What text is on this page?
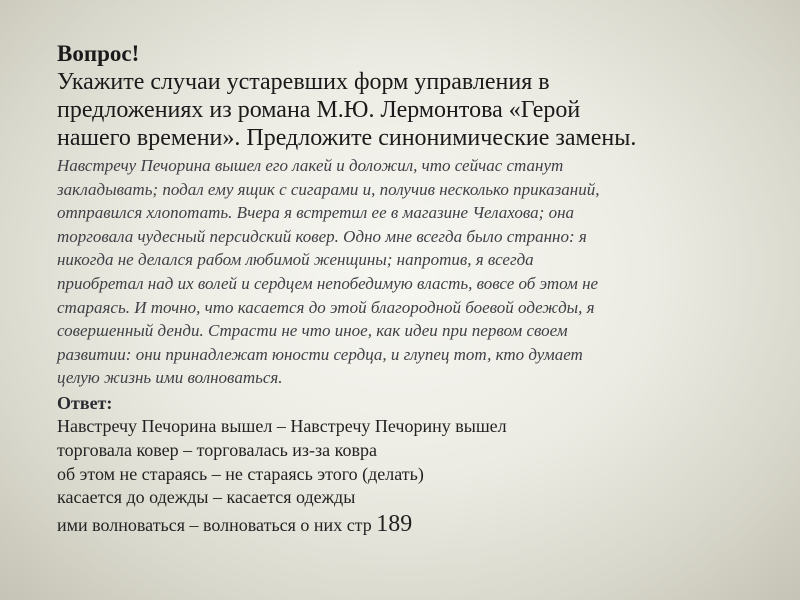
Вопрос!
Укажите случаи устаревших форм управления в
предложениях из романа М.Ю. Лермонтова «Герой
нашего времени». Предложите синонимические замены.
Навстречу Печорина вышел его лакей и доложил, что сейчас станут
закладывать; подал ему ящик с сигарами и, получив несколько приказаний,
отправился хлопотать. Вчера я встретил ее в магазине Челахова; она
торговала чудесный персидский ковер. Одно мне всегда было странно: я
никогда не делался рабом любимой женщины; напротив, я всегда
приобретал над их волей и сердцем непобедимую власть, вовсе об этом не
стараясь. И точно, что касается до этой благородной боевой одежды, я
совершенный денди. Страсти не что иное, как идеи при первом своем
развитии: они принадлежат юности сердца, и глупец тот, кто думает
целую жизнь ими волноваться.
Ответ:
Навстречу Печорина вышел – Навстречу Печорину вышел
торговала ковер – торговалась из-за ковра
об этом не стараясь – не стараясь этого (делать)
касается до одежды – касается одежды
ими волноваться – волноваться о них стр 189
